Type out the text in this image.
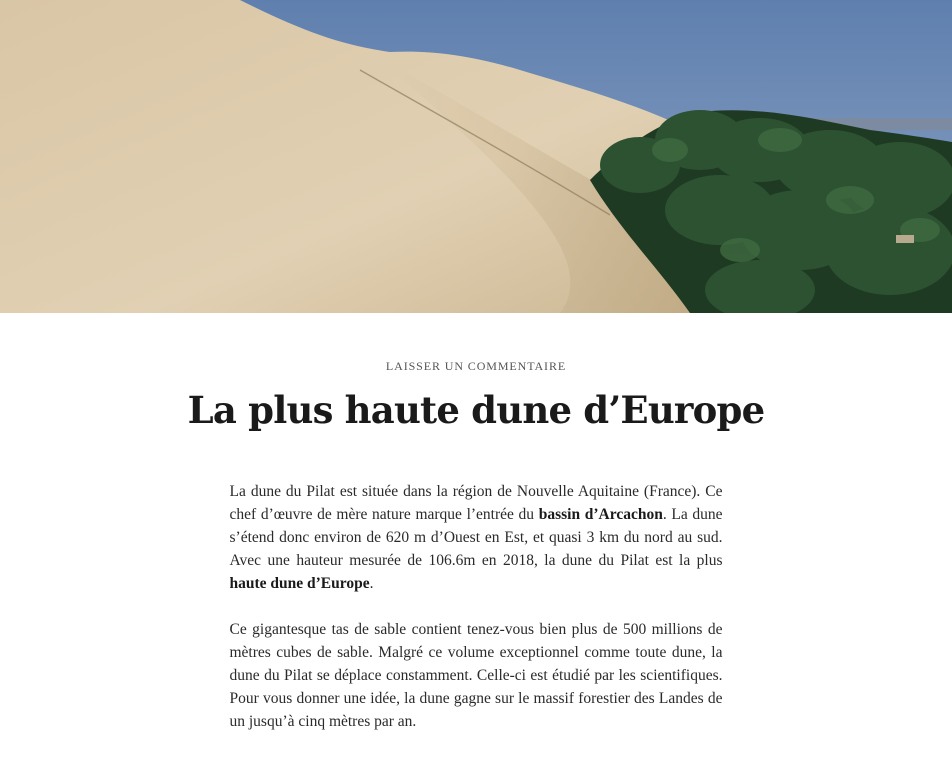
LAISSER UN COMMENTAIRE
La plus haute dune d’Europe

La dune du Pilat est située dans la région de Nouvelle Aquitaine (France). Ce chef d’œuvre de mère nature marque l’entrée du bassin d’Arcachon. La dune s’étend donc environ de 620 m d’Ouest en Est, et quasi 3 km du nord au sud. Avec une hauteur mesurée de 106.6m en 2018, la dune du Pilat est la plus haute dune d’Europe.

Ce gigantesque tas de sable contient tenez-vous bien plus de 500 millions de mètres cubes de sable. Malgré ce volume exceptionnel comme toute dune, la dune du Pilat se déplace constamment. Celle-ci est étudié par les scientifiques. Pour vous donner une idée, la dune gagne sur le massif forestier des Landes de un jusqu’à cinq mètres par an.
